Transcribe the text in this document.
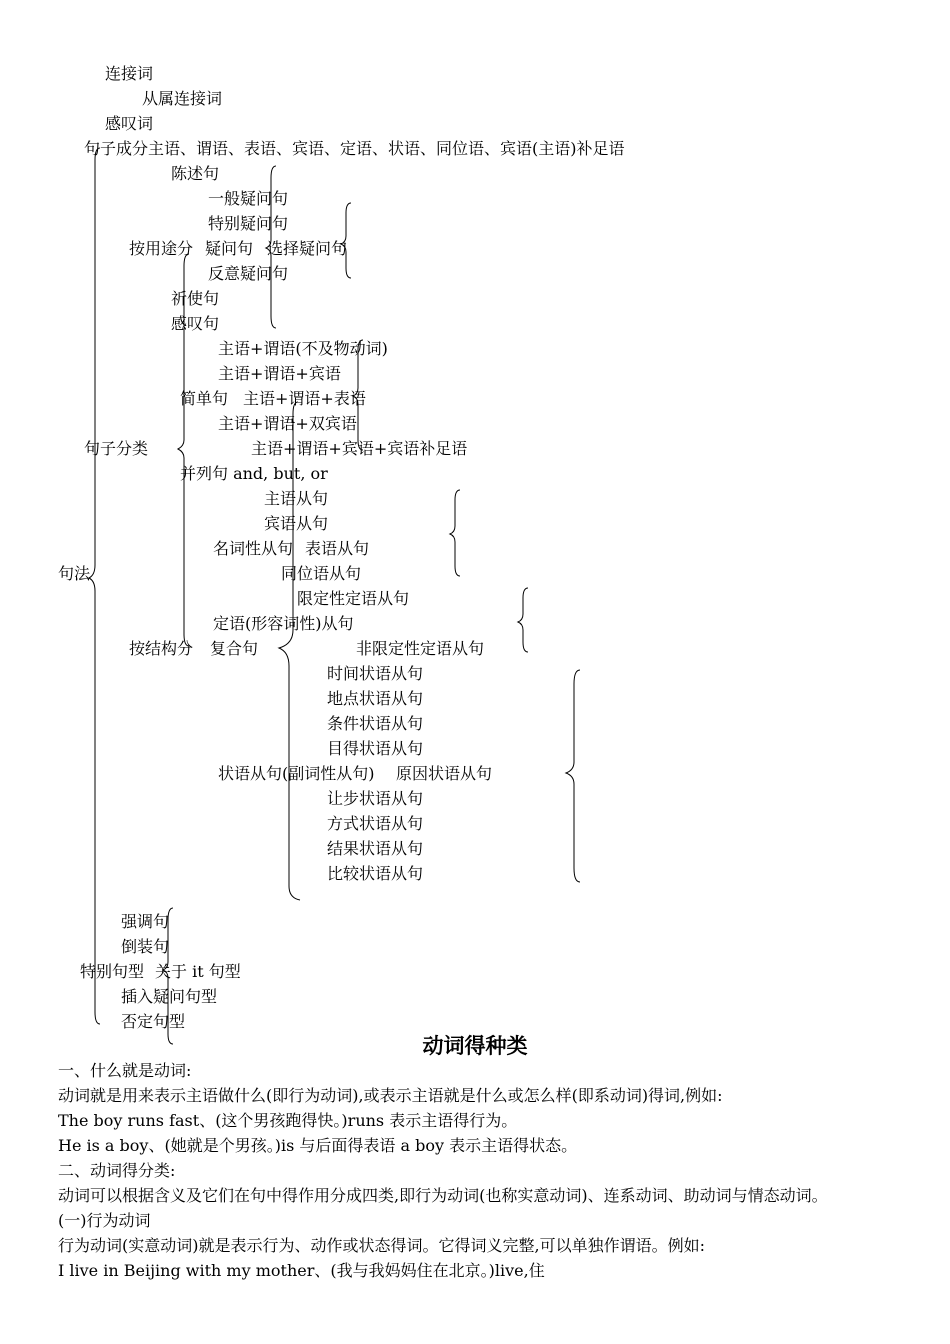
连接词
从属连接词
感叹词
句子成分主语、谓语、表语、宾语、定语、状语、同位语、宾语(主语)补足语
陈述句
一般疑问句
特别疑问句
按用途分 疑问句 选择疑问句
反意疑问句
祈使句
感叹句
主语+谓语(不及物动词)
主语+谓语+宾语
简单句 主语+谓语+表语
主语+谓语+双宾语
句子分类	主语+谓语+宾语+宾语补足语
并列句 and, but, or
主语从句
宾语从句
名词性从句 表语从句
句法	同位语从句
限定性定语从句
定语(形容词性)从句
按结构分 复合句	非限定性定语从句
时间状语从句
地点状语从句
条件状语从句
目得状语从句
状语从句(副词性从句) 原因状语从句
让步状语从句
方式状语从句
结果状语从句
比较状语从句
强调句
倒装句
特别句型 关于 it 句型
插入疑问句型
否定句型
动词得种类
一、什么就是动词:
动词就是用来表示主语做什么(即行为动词),或表示主语就是什么或怎么样(即系动词)得词,例如:
The boy runs fast、(这个男孩跑得快。)runs 表示主语得行为。
He is a boy、(她就是个男孩。)is 与后面得表语 a boy 表示主语得状态。
二、动词得分类:
动词可以根据含义及它们在句中得作用分成四类,即行为动词(也称实意动词)、连系动词、助动词与情态动词。
(一)行为动词
行为动词(实意动词)就是表示行为、动作或状态得词。它得词义完整,可以单独作谓语。例如:
I live in Beijing with my mother、(我与我妈妈住在北京。)live,住
